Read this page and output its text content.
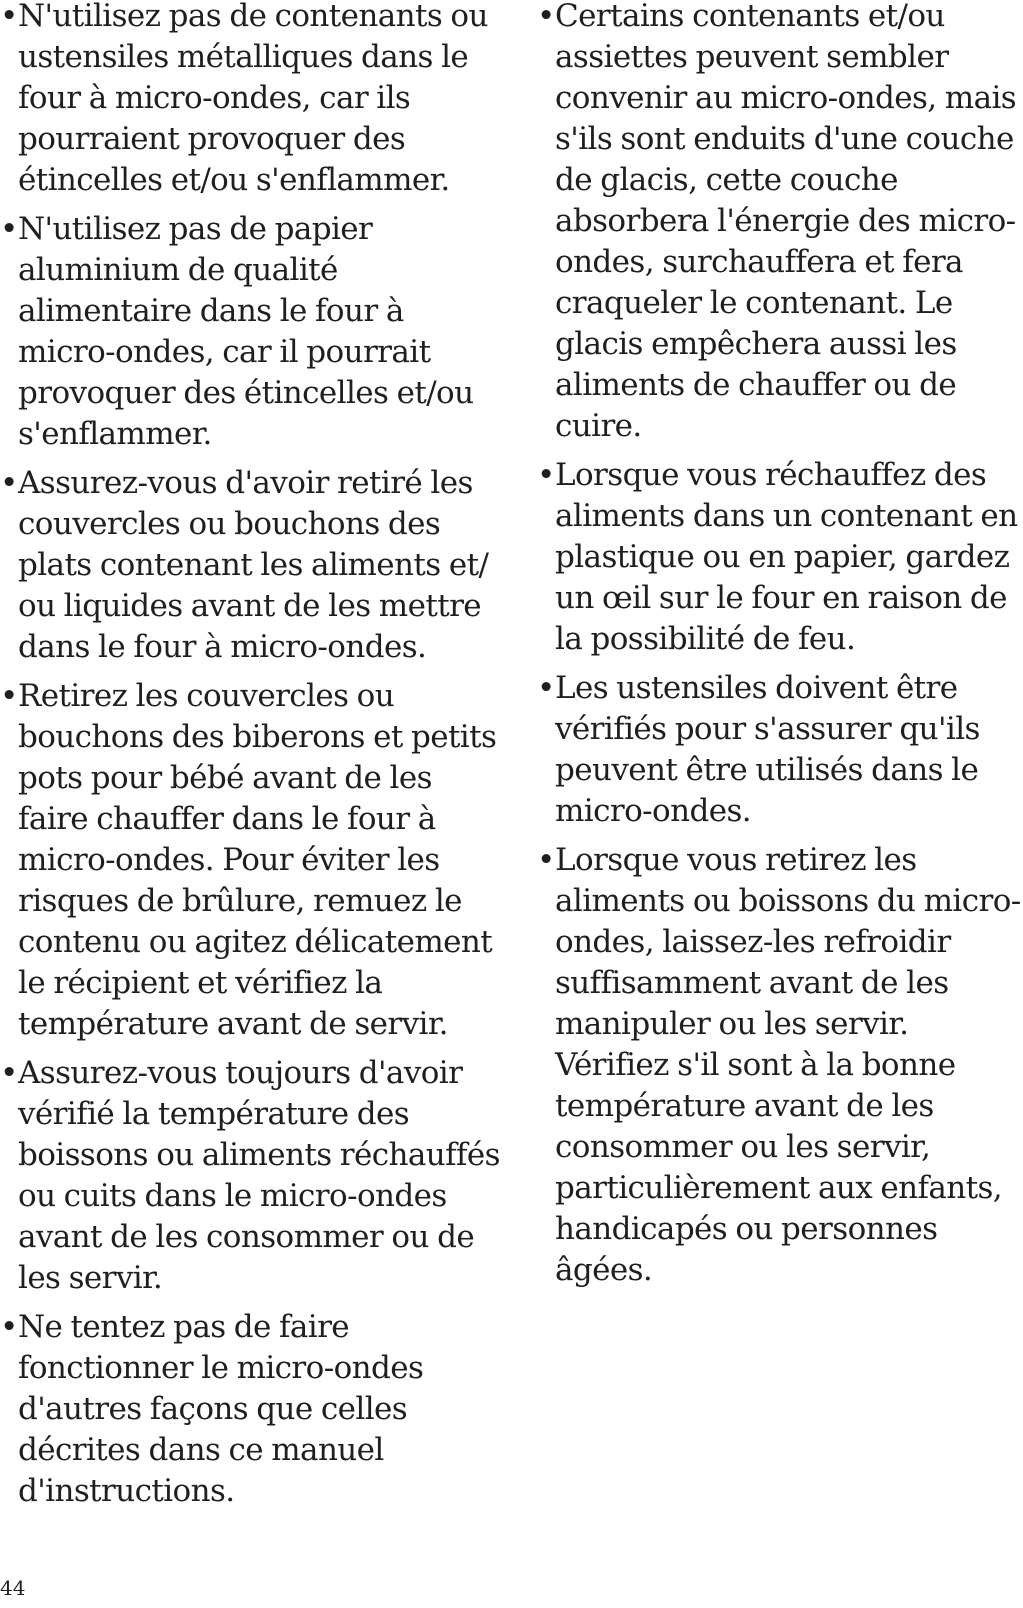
• N'utilisez pas de contenants ou ustensiles métalliques dans le four à micro-ondes, car ils pourraient provoquer des étincelles et/ou s'enflammer.
• N'utilisez pas de papier aluminium de qualité alimentaire dans le four à micro-ondes, car il pourrait provoquer des étincelles et/ou s'enflammer.
• Assurez-vous d'avoir retiré les couvercles ou bouchons des plats contenant les aliments et/ ou liquides avant de les mettre dans le four à micro-ondes.
• Retirez les couvercles ou bouchons des biberons et petits pots pour bébé avant de les faire chauffer dans le four à micro-ondes. Pour éviter les risques de brûlure, remuez le contenu ou agitez délicatement le récipient et vérifiez la température avant de servir.
• Assurez-vous toujours d'avoir vérifié la température des boissons ou aliments réchauffés ou cuits dans le micro-ondes avant de les consommer ou de les servir.
• Ne tentez pas de faire fonctionner le micro-ondes d'autres façons que celles décrites dans ce manuel d'instructions.
• Certains contenants et/ou assiettes peuvent sembler convenir au micro-ondes, mais s'ils sont enduits d'une couche de glacis, cette couche absorbera l'énergie des micro-ondes, surchauffera et fera craqueler le contenant. Le glacis empêchera aussi les aliments de chauffer ou de cuire.
• Lorsque vous réchauffez des aliments dans un contenant en plastique ou en papier, gardez un œil sur le four en raison de la possibilité de feu.
• Les ustensiles doivent être vérifiés pour s'assurer qu'ils peuvent être utilisés dans le micro-ondes.
• Lorsque vous retirez les aliments ou boissons du micro-ondes, laissez-les refroidir suffisamment avant de les manipuler ou les servir. Vérifiez s'il sont à la bonne température avant de les consommer ou les servir, particulièrement aux enfants, handicapés ou personnes âgées.
44
